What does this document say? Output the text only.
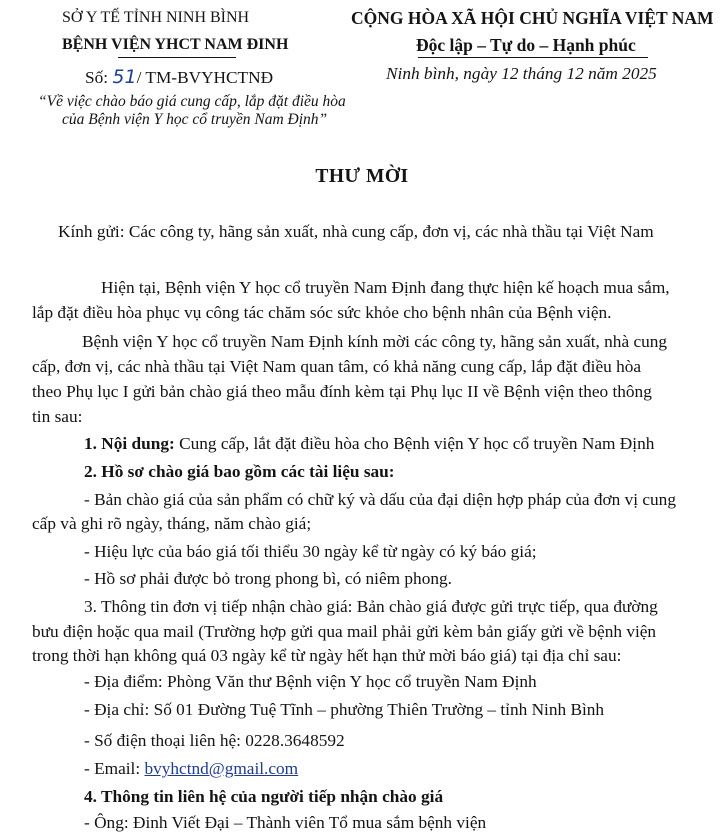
SỞ Y TẾ TỈNH NINH BÌNH
BỆNH VIỆN YHCT NAM ĐINH
Số: 51/ TM-BVYHCTNĐ
“Về việc chào báo giá cung cấp, lắp đặt điều hòa
của Bệnh viện Y học cổ truyền Nam Định”
CỘNG HÒA XÃ HỘI CHỦ NGHĨA VIỆT NAM
Độc lập – Tự do – Hạnh phúc
Ninh bình, ngày 12 tháng 12 năm 2025
THƯ MỜI
Kính gửi: Các công ty, hãng sản xuất, nhà cung cấp, đơn vị, các nhà thầu tại Việt Nam
Hiện tại, Bệnh viện Y học cổ truyền Nam Định đang thực hiện kế hoạch mua sắm,
lắp đặt điều hòa phục vụ công tác chăm sóc sức khỏe cho bệnh nhân của Bệnh viện.
Bệnh viện Y học cổ truyền Nam Định kính mời các công ty, hãng sản xuất, nhà cung
cấp, đơn vị, các nhà thầu tại Việt Nam quan tâm, có khả năng cung cấp, lắp đặt điều hòa
theo Phụ lục I gửi bản chào giá theo mẫu đính kèm tại Phụ lục II về Bệnh viện theo thông
tin sau:
1. Nội dung: Cung cấp, lắt đặt điều hòa cho Bệnh viện Y học cổ truyền Nam Định
2. Hồ sơ chào giá bao gồm các tài liệu sau:
- Bản chào giá của sản phẩm có chữ ký và dấu của đại diện hợp pháp của đơn vị cung
cấp và ghi rõ ngày, tháng, năm chào giá;
- Hiệu lực của báo giá tối thiểu 30 ngày kể từ ngày có ký báo giá;
- Hồ sơ phải được bỏ trong phong bì, có niêm phong.
3. Thông tin đơn vị tiếp nhận chào giá: Bản chào giá được gửi trực tiếp, qua đường
bưu điện hoặc qua mail (Trường hợp gửi qua mail phải gửi kèm bản giấy gửi về bệnh viện
trong thời hạn không quá 03 ngày kể từ ngày hết hạn thử mời báo giá) tại địa chỉ sau:
- Địa điểm: Phòng Văn thư Bệnh viện Y học cổ truyền Nam Định
- Địa chỉ: Số 01 Đường Tuệ Tĩnh – phường Thiên Trường – tỉnh Ninh Bình
- Số điện thoại liên hệ: 0228.3648592
- Email: bvyhctnd@gmail.com
4. Thông tin liên hệ của người tiếp nhận chào giá
- Ông: Đinh Viết Đại – Thành viên Tổ mua sắm bệnh viện
